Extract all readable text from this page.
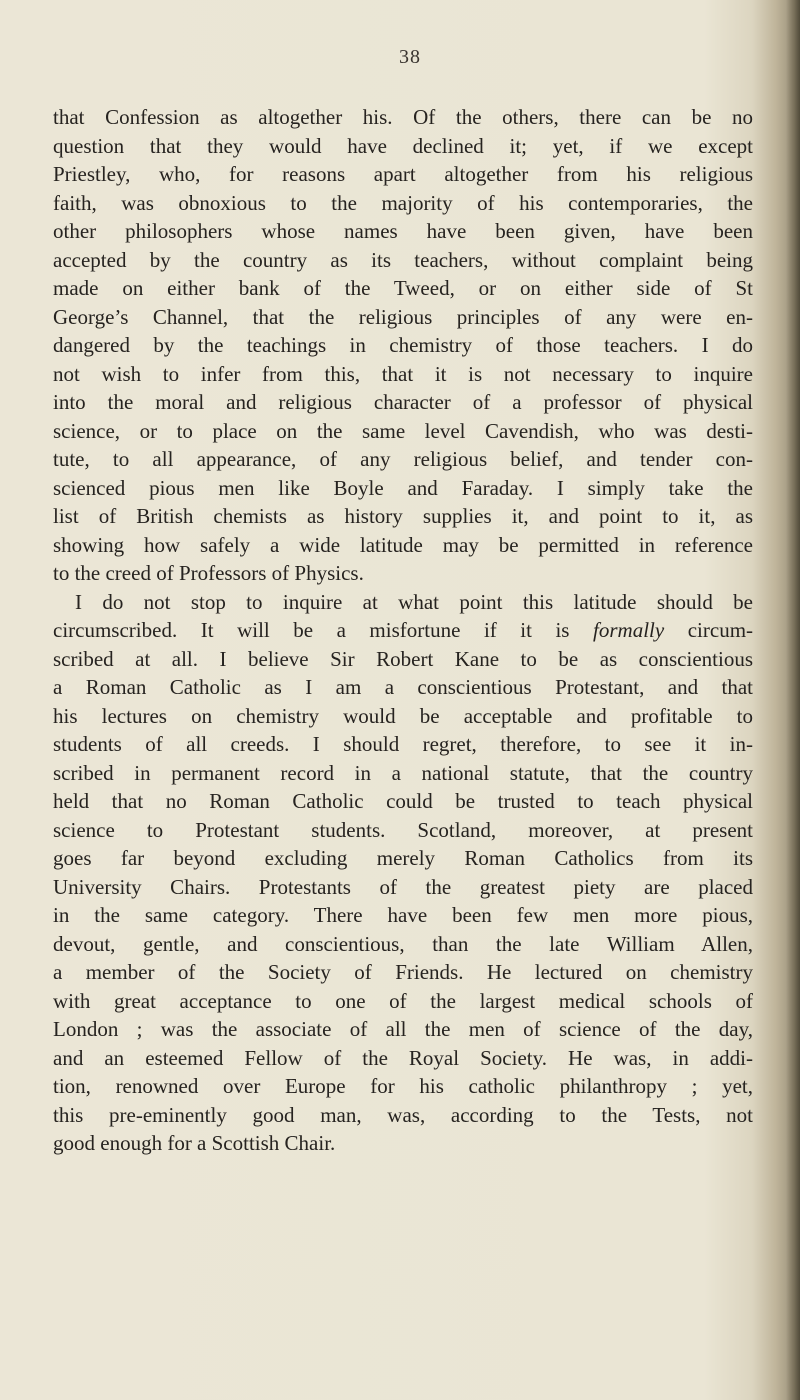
38
that Confession as altogether his. Of the others, there can be no
question that they would have declined it; yet, if we except
Priestley, who, for reasons apart altogether from his religious
faith, was obnoxious to the majority of his contemporaries, the
other philosophers whose names have been given, have been
accepted by the country as its teachers, without complaint being
made on either bank of the Tweed, or on either side of St
George’s Channel, that the religious principles of any were en-
dangered by the teachings in chemistry of those teachers. I do
not wish to infer from this, that it is not necessary to inquire
into the moral and religious character of a professor of physical
science, or to place on the same level Cavendish, who was desti-
tute, to all appearance, of any religious belief, and tender con-
scienced pious men like Boyle and Faraday. I simply take the
list of British chemists as history supplies it, and point to it, as
showing how safely a wide latitude may be permitted in reference
to the creed of Professors of Physics.
I do not stop to inquire at what point this latitude should be
circumscribed. It will be a misfortune if it is formally circum-
scribed at all. I believe Sir Robert Kane to be as conscientious
a Roman Catholic as I am a conscientious Protestant, and that
his lectures on chemistry would be acceptable and profitable to
students of all creeds. I should regret, therefore, to see it in-
scribed in permanent record in a national statute, that the country
held that no Roman Catholic could be trusted to teach physical
science to Protestant students. Scotland, moreover, at present
goes far beyond excluding merely Roman Catholics from its
University Chairs. Protestants of the greatest piety are placed
in the same category. There have been few men more pious,
devout, gentle, and conscientious, than the late William Allen,
a member of the Society of Friends. He lectured on chemistry
with great acceptance to one of the largest medical schools of
London ; was the associate of all the men of science of the day,
and an esteemed Fellow of the Royal Society. He was, in addi-
tion, renowned over Europe for his catholic philanthropy ; yet,
this pre-eminently good man, was, according to the Tests, not
good enough for a Scottish Chair.
